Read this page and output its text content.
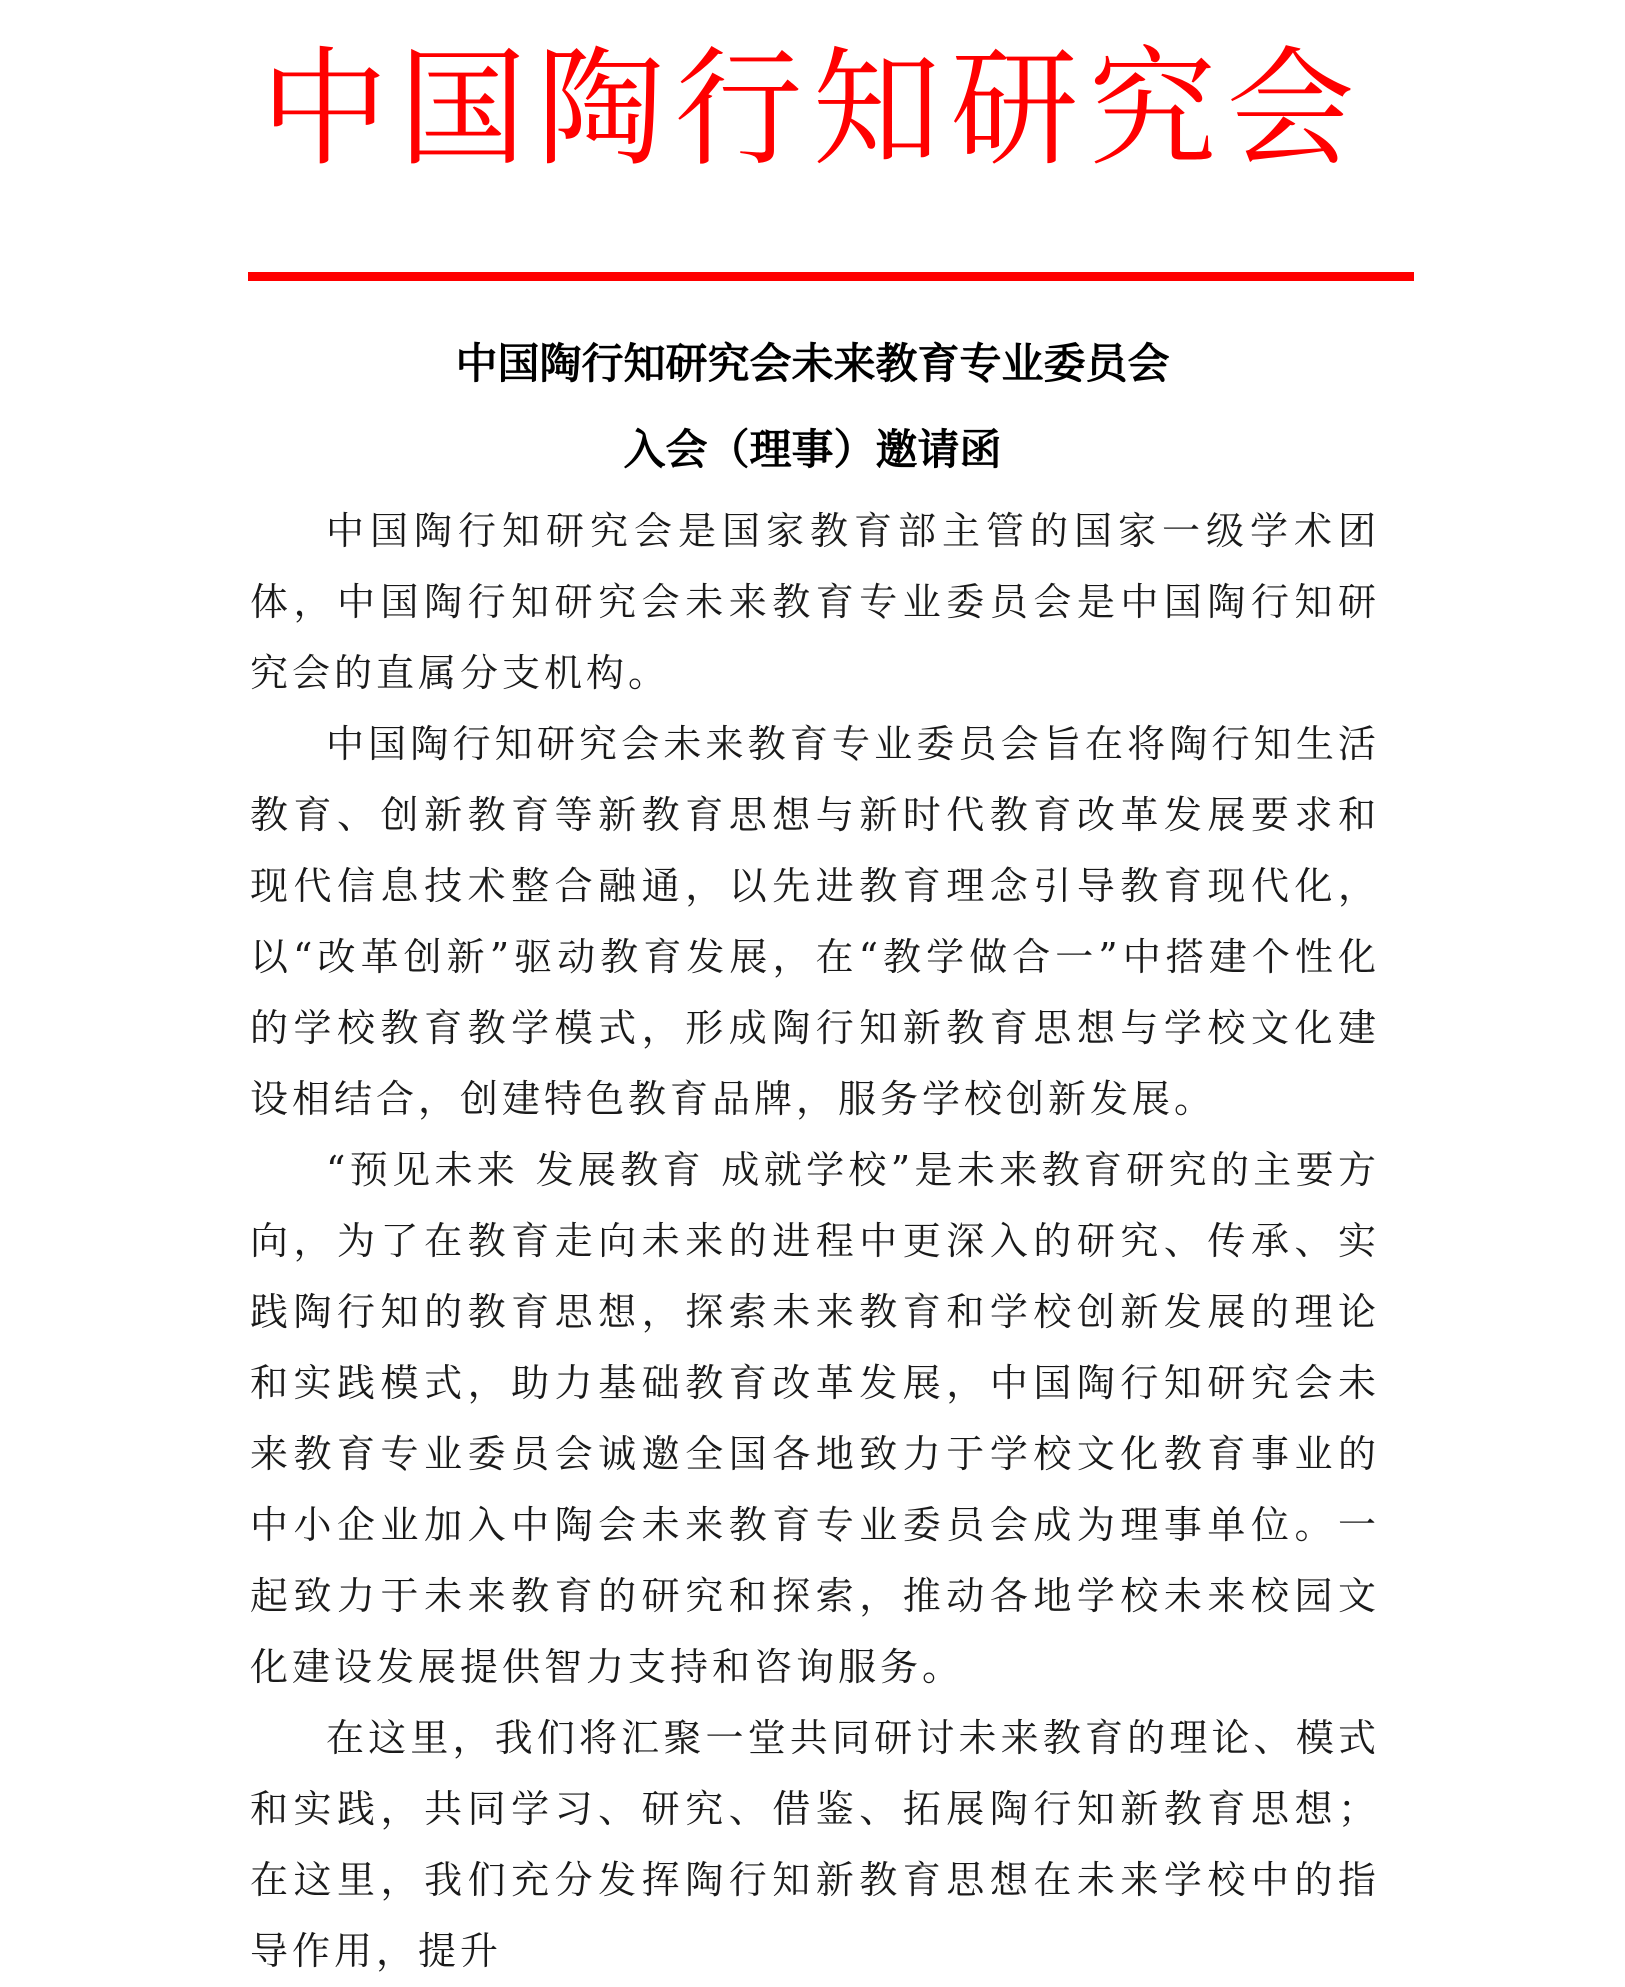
中国陶行知研究会
中国陶行知研究会未来教育专业委员会
入会（理事）邀请函

中国陶行知研究会是国家教育部主管的国家一级学术团体，中国陶行知研究会未来教育专业委员会是中国陶行知研究会的直属分支机构。

中国陶行知研究会未来教育专业委员会旨在将陶行知生活教育、创新教育等新教育思想与新时代教育改革发展要求和现代信息技术整合融通，以先进教育理念引导教育现代化，以“改革创新”驱动教育发展，在“教学做合一”中搭建个性化的学校教育教学模式，形成陶行知新教育思想与学校文化建设相结合，创建特色教育品牌，服务学校创新发展。

“预见未来 发展教育 成就学校”是未来教育研究的主要方向，为了在教育走向未来的进程中更深入的研究、传承、实践陶行知的教育思想，探索未来教育和学校创新发展的理论和实践模式，助力基础教育改革发展，中国陶行知研究会未来教育专业委员会诚邀全国各地致力于学校文化教育事业的中小企业加入中陶会未来教育专业委员会成为理事单位。一起致力于未来教育的研究和探索，推动各地学校未来校园文化建设发展提供智力支持和咨询服务。

在这里，我们将汇聚一堂共同研讨未来教育的理论、模式和实践，共同学习、研究、借鉴、拓展陶行知新教育思想；在这里，我们充分发挥陶行知新教育思想在未来学校中的指导作用，提升
